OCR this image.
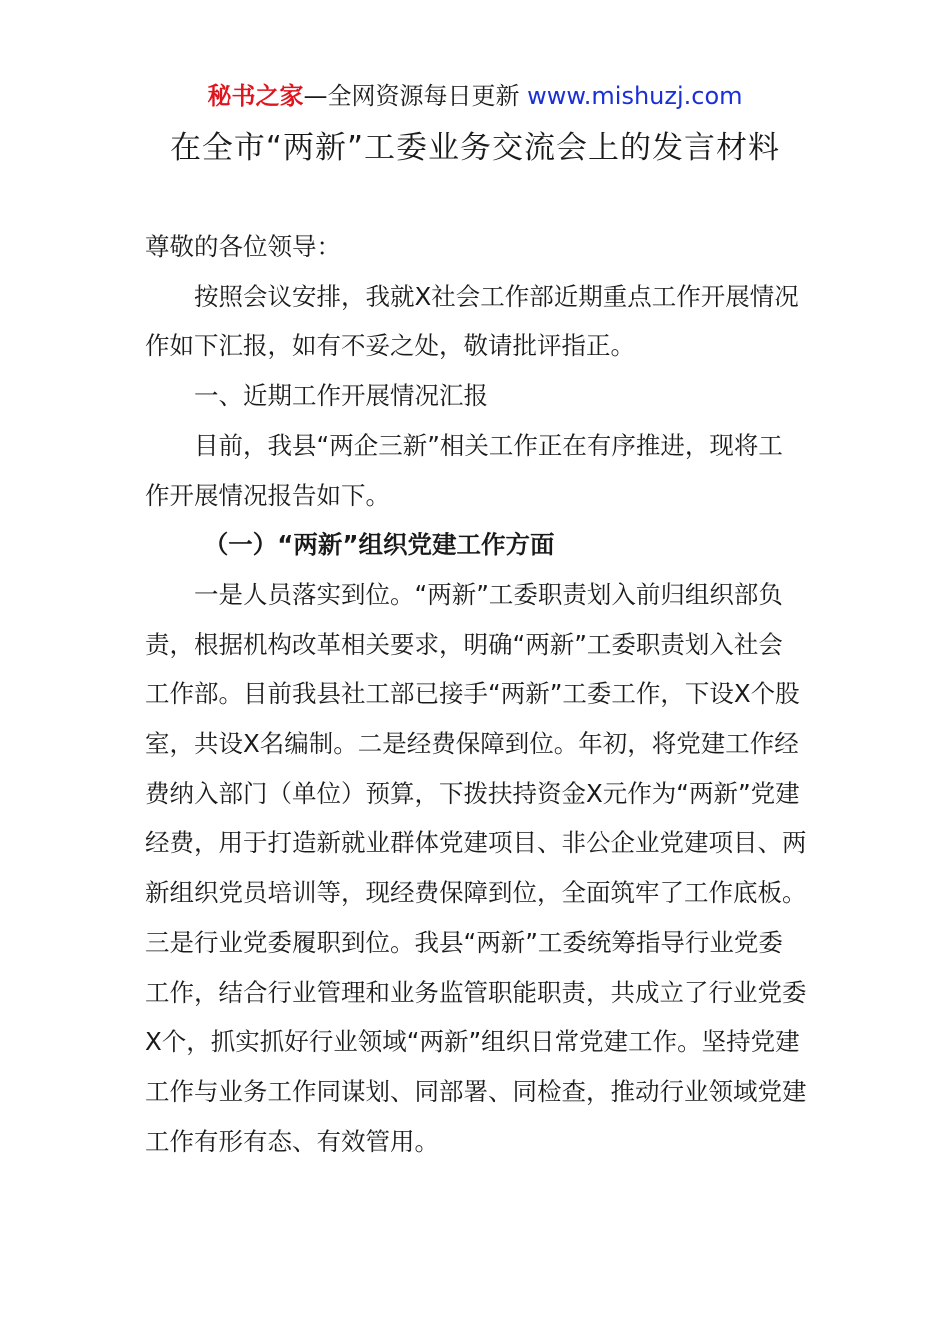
秘书之家—全网资源每日更新 www.mishuzj.com
在全市“两新”工委业务交流会上的发言材料

尊敬的各位领导：

按照会议安排，我就X社会工作部近期重点工作开展情况作如下汇报，如有不妥之处，敬请批评指正。

一、近期工作开展情况汇报

目前，我县“两企三新”相关工作正在有序推进，现将工作开展情况报告如下。

（一）“两新”组织党建工作方面

一是人员落实到位。“两新”工委职责划入前归组织部负责，根据机构改革相关要求，明确“两新”工委职责划入社会工作部。目前我县社工部已接手“两新”工委工作，下设X个股室，共设X名编制。二是经费保障到位。年初，将党建工作经费纳入部门（单位）预算，下拨扶持资金X元作为“两新”党建经费，用于打造新就业群体党建项目、非公企业党建项目、两新组织党员培训等，现经费保障到位，全面筑牢了工作底板。三是行业党委履职到位。我县“两新”工委统筹指导行业党委工作，结合行业管理和业务监管职能职责，共成立了行业党委X个，抓实抓好行业领域“两新”组织日常党建工作。坚持党建工作与业务工作同谋划、同部署、同检查，推动行业领域党建工作有形有态、有效管用。
